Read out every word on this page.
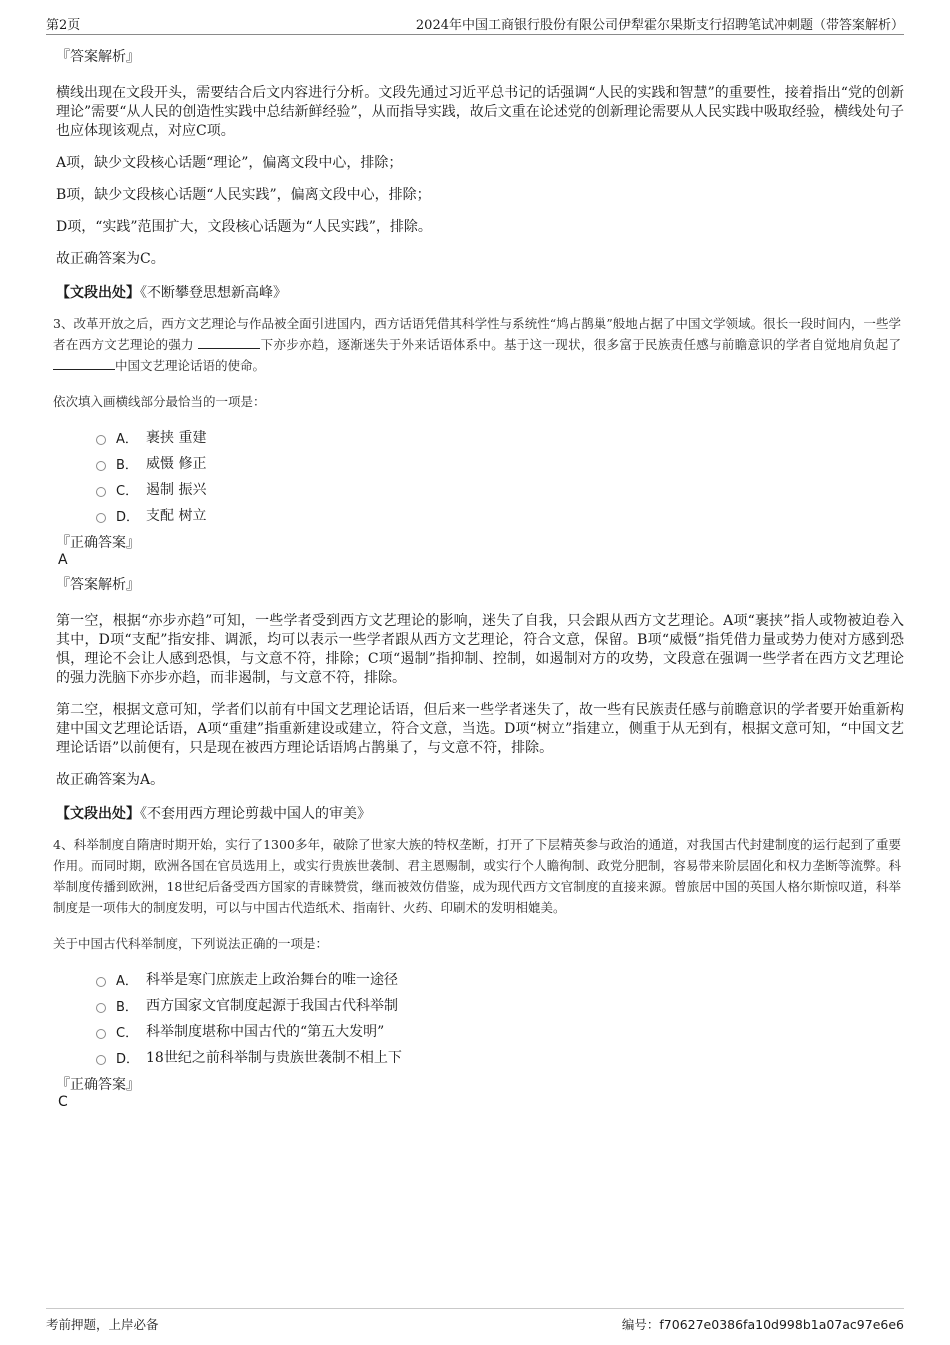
第2页	2024年中国工商银行股份有限公司伊犁霍尔果斯支行招聘笔试冲刺题（带答案解析）
『答案解析』

横线出现在文段开头，需要结合后文内容进行分析。文段先通过习近平总书记的话强调“人民的实践和智慧”的重要性，接着指出“党的创新理论”需要“从人民的创造性实践中总结新鲜经验”，从而指导实践，故后文重在论述党的创新理论需要从人民实践中吸取经验，横线处句子也应体现该观点，对应C项。

A项，缺少文段核心话题“理论”，偏离文段中心，排除；

B项，缺少文段核心话题“人民实践”，偏离文段中心，排除；

D项，“实践”范围扩大，文段核心话题为“人民实践”，排除。

故正确答案为C。

【文段出处】《不断攀登思想新高峰》
3、改革开放之后，西方文艺理论与作品被全面引进国内，西方话语凭借其科学性与系统性“鸠占鹊巢”般地占据了中国文学领域。很长一段时间内，一些学者在西方文艺理论的强力	下亦步亦趋，逐渐迷失于外来话语体系中。基于这一现状，很多富于民族责任感与前瞻意识的学者自觉地肩负起了 中国文艺理论话语的使命。
依次填入画横线部分最恰当的一项是：
A． 裹挟 重建
B． 威慑 修正
C． 遏制 振兴
D． 支配 树立
『正确答案』
A
『答案解析』

第一空，根据“亦步亦趋”可知，一些学者受到西方文艺理论的影响，迷失了自我，只会跟从西方文艺理论。A项“裹挟”指人或物被迫卷入其中，D项“支配”指安排、调派，均可以表示一些学者跟从西方文艺理论，符合文意，保留。B项“威慑”指凭借力量或势力使对方感到恐惧，理论不会让人感到恐惧，与文意不符，排除；C项“遏制”指抑制、控制，如遏制对方的攻势，文段意在强调一些学者在西方文艺理论的强力洗脑下亦步亦趋，而非遏制，与文意不符，排除。

第二空，根据文意可知，学者们以前有中国文艺理论话语，但后来一些学者迷失了，故一些有民族责任感与前瞻意识的学者要开始重新构建中国文艺理论话语，A项“重建”指重新建设或建立，符合文意，当选。D项“树立”指建立，侧重于从无到有，根据文意可知，“中国文艺理论话语”以前便有，只是现在被西方理论话语鸠占鹊巢了，与文意不符，排除。

故正确答案为A。

【文段出处】《不套用西方理论剪裁中国人的审美》
4、科举制度自隋唐时期开始，实行了1300多年，破除了世家大族的特权垄断，打开了下层精英参与政治的通道，对我国古代封建制度的运行起到了重要作用。而同时期，欧洲各国在官员选用上，或实行贵族世袭制、君主恩赐制，或实行个人瞻徇制、政党分肥制，容易带来阶层固化和权力垄断等流弊。科举制度传播到欧洲，18世纪后备受西方国家的青睐赞赏，继而被效仿借鉴，成为现代西方文官制度的直接来源。曾旅居中国的英国人格尔斯惊叹道，科举制度是一项伟大的制度发明，可以与中国古代造纸术、指南针、火药、印刷术的发明相媲美。
关于中国古代科举制度，下列说法正确的一项是：
A． 科举是寒门庶族走上政治舞台的唯一途径
B． 西方国家文官制度起源于我国古代科举制
C． 科举制度堪称中国古代的“第五大发明”
D． 18世纪之前科举制与贵族世袭制不相上下
『正确答案』
C
考前押题，上岸必备	编号：f70627e0386fa10d998b1a07ac97e6e6
